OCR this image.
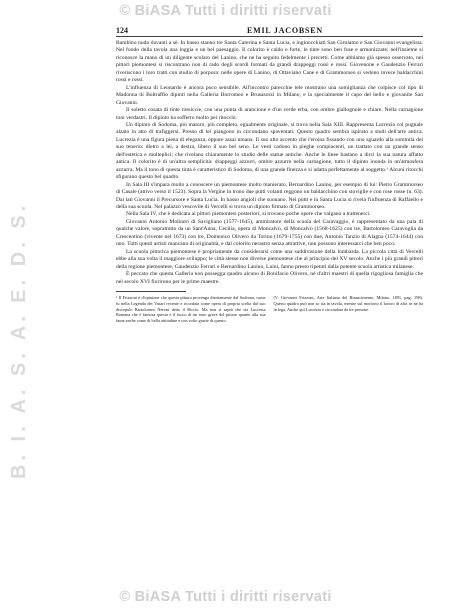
© BiASA Tutti i diritti riservati
B. I. A. S. A. E. D. S.
© BiASA Tutti i diritti riservati
124	EMIL JACOBSEN

Bambino nudo davanti a sè. In basso stanno tre Santa Caterina e Santa Lucia, e inginocchiati San Girolamo e San Giovanni evangelista. Nel fondo della tavola una loggia e un bel paesaggio. Il colorito è caldo e forte, le tinte sono ben fuse e armonizzate; nell'insieme si riconosce la mano di un diligente scolaro del Lanino, che ne ha seguito fedelmente i precetti. Come abbiamo già spesso osservato, nei pittori piemontesi si riscontrano non di rado degli scordi formati da grandi drappeggi rossi e rossi. Giovenone e Gaudenzio Ferrari riveriscono i loro tratti con studio di porpora: nelle opere di Lanino, di Ottaviano Cane e di Grammorseo si vedono invece baldacchini rossi e rossi.

L'influenza di Leonardo è ancora poco sensibile. All'incontro parecchie tele mostrano una somiglianza che colpisce col tipo di Madonna di Boltraffio dipinti nella Galleria Borromeo e Brusasorzi in Milano, e la specialmente il capo del bello e giovanile San Giovanni.

Il soletto cosata di tinte rossiccie, con una punta di arancione e d'un verde erba, con ombre giallognole e chiare. Nella carnagione toni verdastri. Il dipinto ha sofferto molto pei ritocchi.

Un dipinto di Sodoma, più maturo, più completo, egualmente originale, si trova nella Sala XIII. Rappresenta Lucrezia col pugnale alzato in atto di trafiggersi. Presso di lei piangono in circondano spaventati. Questo quadro sembra ispirato a studi dell'arte antica. Lucrezia è una figura piena di eleganza, eppure assai umana. Il suo alto accento che l'eroina fissando con uno sguardo alla sommità del suo tenerio: dietro a lei, a destra, libero il suo bel seno. Le vesti cadono in pieghe compiacenti, un trattato con un grande senso dell'estetica e molteplici; che rivelano chiaramente lo studio delle statue antiche. Anche le linee bastano a dirci la sua natura affatto antica. Il colorito è di un'altra semplicità: drappeggi azzurri, ombre azzurre nella carnagione, tutto il dipinto inonda in un'atmosfera azzurra. Ma il tono di questa tinta è caratteristico di Sodoma, di una grande finezza e si adatta perfettamente al soggetto.¹ Alcuni ritocchi sfigurano questo bel quadro.

In Sala III s'impara molto a conoscere un piemontese molto manierato, Bernardino Lanino, per esempio di lui: Pietro Grammorseo di Casale (attivo verso il 1523). Sopra la Vergine in trono due putti volanti reggono un baldacchino con stoviglie e con rose rosse (n. 63). Dai lati Giovanni il Precursore e Santa Lucia. In basso angioli che suonano. Nei putti e in Santa Lucia si rivela l'influenza di Raffaello e della sua scuola. Nel palazzo vescovile di Vercelli si trova un dipinto firmato di Grammorseo.

Nella Sala IV, che è dedicata ai pittori piemontesi posteriori, si trovano poche opere che valgano a trattenerci.

Giovanni Antonio Molineri di Savigliano (1577-1645), ammiratore della scuola del Caravaggio, è rappresentato da una pala di qualche valore, soprattutto da un Sant'Anna, Cecilia, opera di Moncalvo, di Moncalvo (1568-1625) con tre, Bartolomeo Caravoglia da Crescentino (vivente nel 1673) con tre, Domenico Olivero da Torino (1679-1755) con due, Antonio Tanzio di Alagna (1574-1644) con uno. Tutti questi artisti mancano di originalità, e dal colorito nerastro senza attrattive, non possono interessarci che ben poco.

La scuola pittorica piemontese è propriamente da considerarsi come una suddivisione della lombarda. La piccola città di Vercelli ebbe alla sua volta il maggiore sviluppo; le città stesse non diverse piemontese che al principio del XV secolo. Anche i più grandi pittori della regione piemontese, Gaudenzio Ferrari e Bernardino Lanino, Luini, fanno presto ripetuti dalla potente scuola artistica milanese.

È peccato che questa Galleria non possegga quadro alcuno di Bonifacio Olivero, né d'altri maestri di quella rigogliosa famiglia che nel secolo XVI fiorirono per le prime maestre.

¹ Il Frizzoni è d'opinione che questa pittura provenga direttamente dal Sodoma, come fu nella Legenda dei Vasari recente e ricordata come opera di propria scelta dal suo discepolo Bartolomeo Neroni detto il Riccio. Ma non si saprà che sia Lucrezia Romana che è famosa questa e il fuoco di un tono grave del pittore quanto alla sua fama anche come di bella attitudine e con volto grazie di questo.

(V. Giovanni Frizzoni, Arte Italiana del Rinascimento, Milano, 1891, pag. 198). Questo quadro può non so sia in tavola, mentre sul mortorio il lavoro di altri se ne ha in lega. Anche qui Lucrezia è circondata da tre persone.
